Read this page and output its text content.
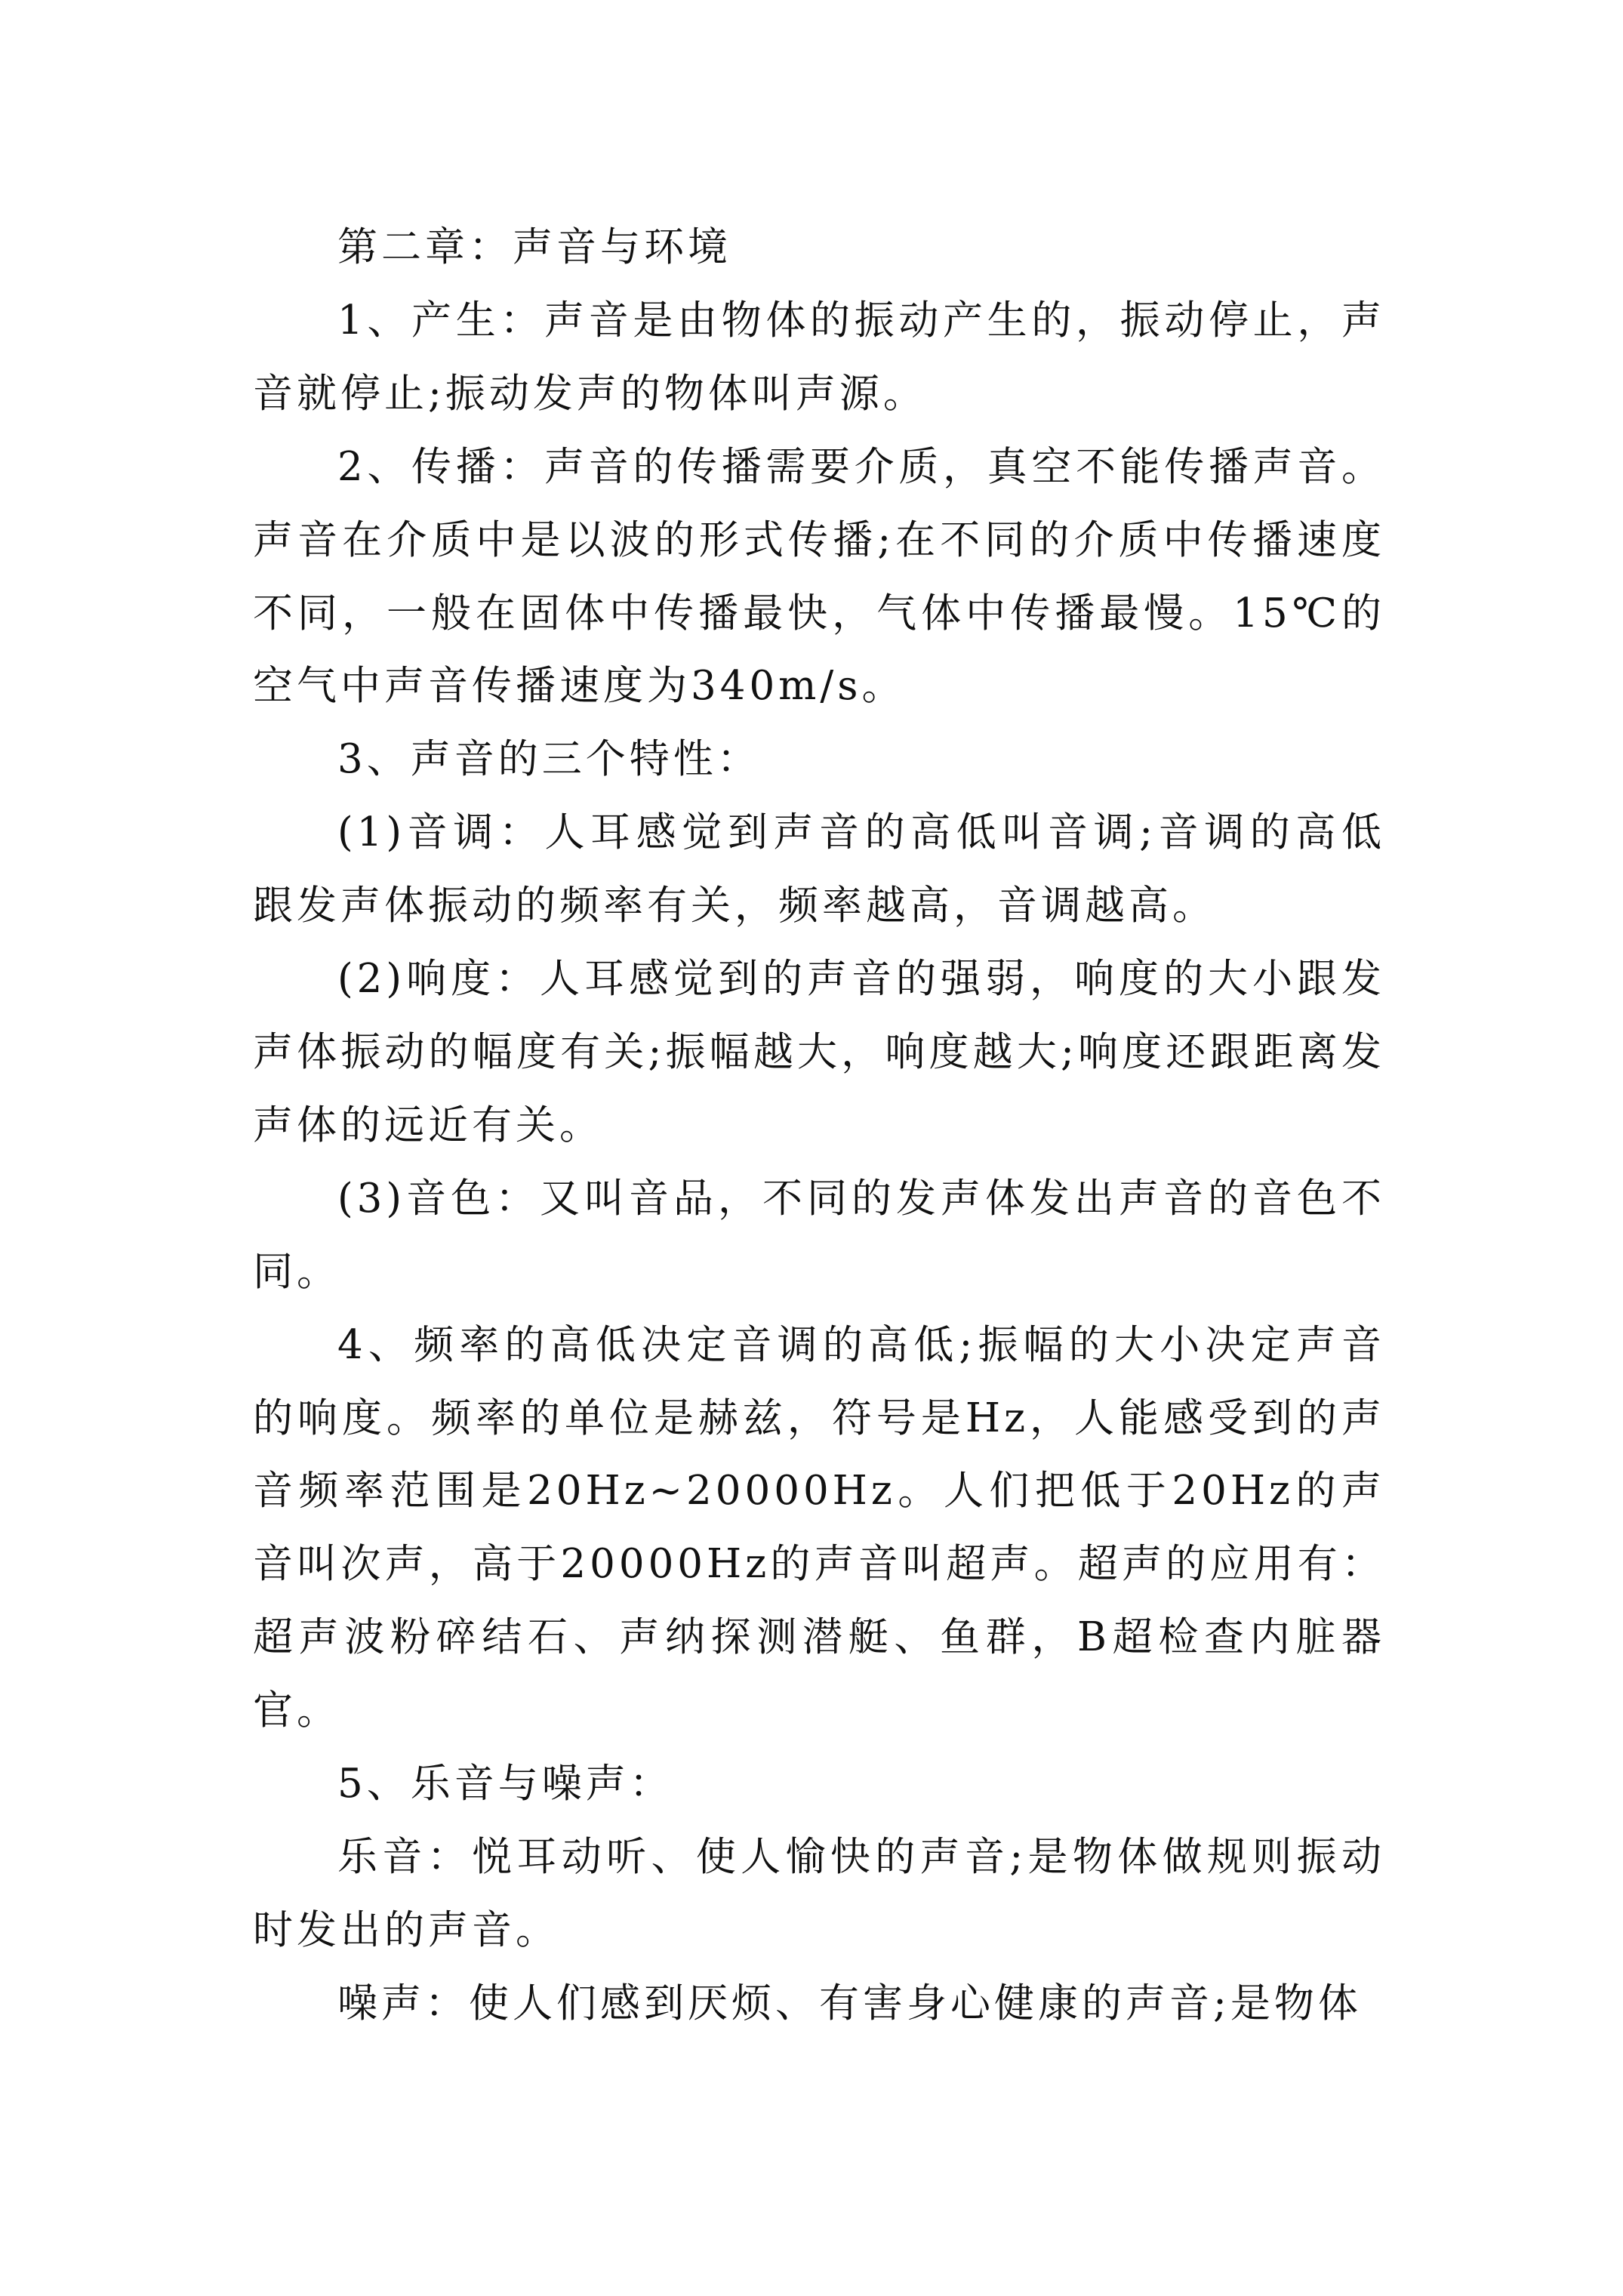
第二章：声音与环境

1、产生：声音是由物体的振动产生的，振动停止，声音就停止;振动发声的物体叫声源。

2、传播：声音的传播需要介质，真空不能传播声音。声音在介质中是以波的形式传播;在不同的介质中传播速度不同，一般在固体中传播最快，气体中传播最慢。15℃的空气中声音传播速度为340m/s。

3、声音的三个特性：

(1)音调：人耳感觉到声音的高低叫音调;音调的高低跟发声体振动的频率有关，频率越高，音调越高。

(2)响度：人耳感觉到的声音的强弱，响度的大小跟发声体振动的幅度有关;振幅越大，响度越大;响度还跟距离发声体的远近有关。

(3)音色：又叫音品，不同的发声体发出声音的音色不同。

4、频率的高低决定音调的高低;振幅的大小决定声音的响度。频率的单位是赫兹，符号是Hz，人能感受到的声音频率范围是20Hz~20000Hz。人们把低于20Hz的声音叫次声，高于20000Hz的声音叫超声。超声的应用有：超声波粉碎结石、声纳探测潜艇、鱼群，B超检查内脏器官。

5、乐音与噪声：

乐音：悦耳动听、使人愉快的声音;是物体做规则振动时发出的声音。

噪声：使人们感到厌烦、有害身心健康的声音;是物体
